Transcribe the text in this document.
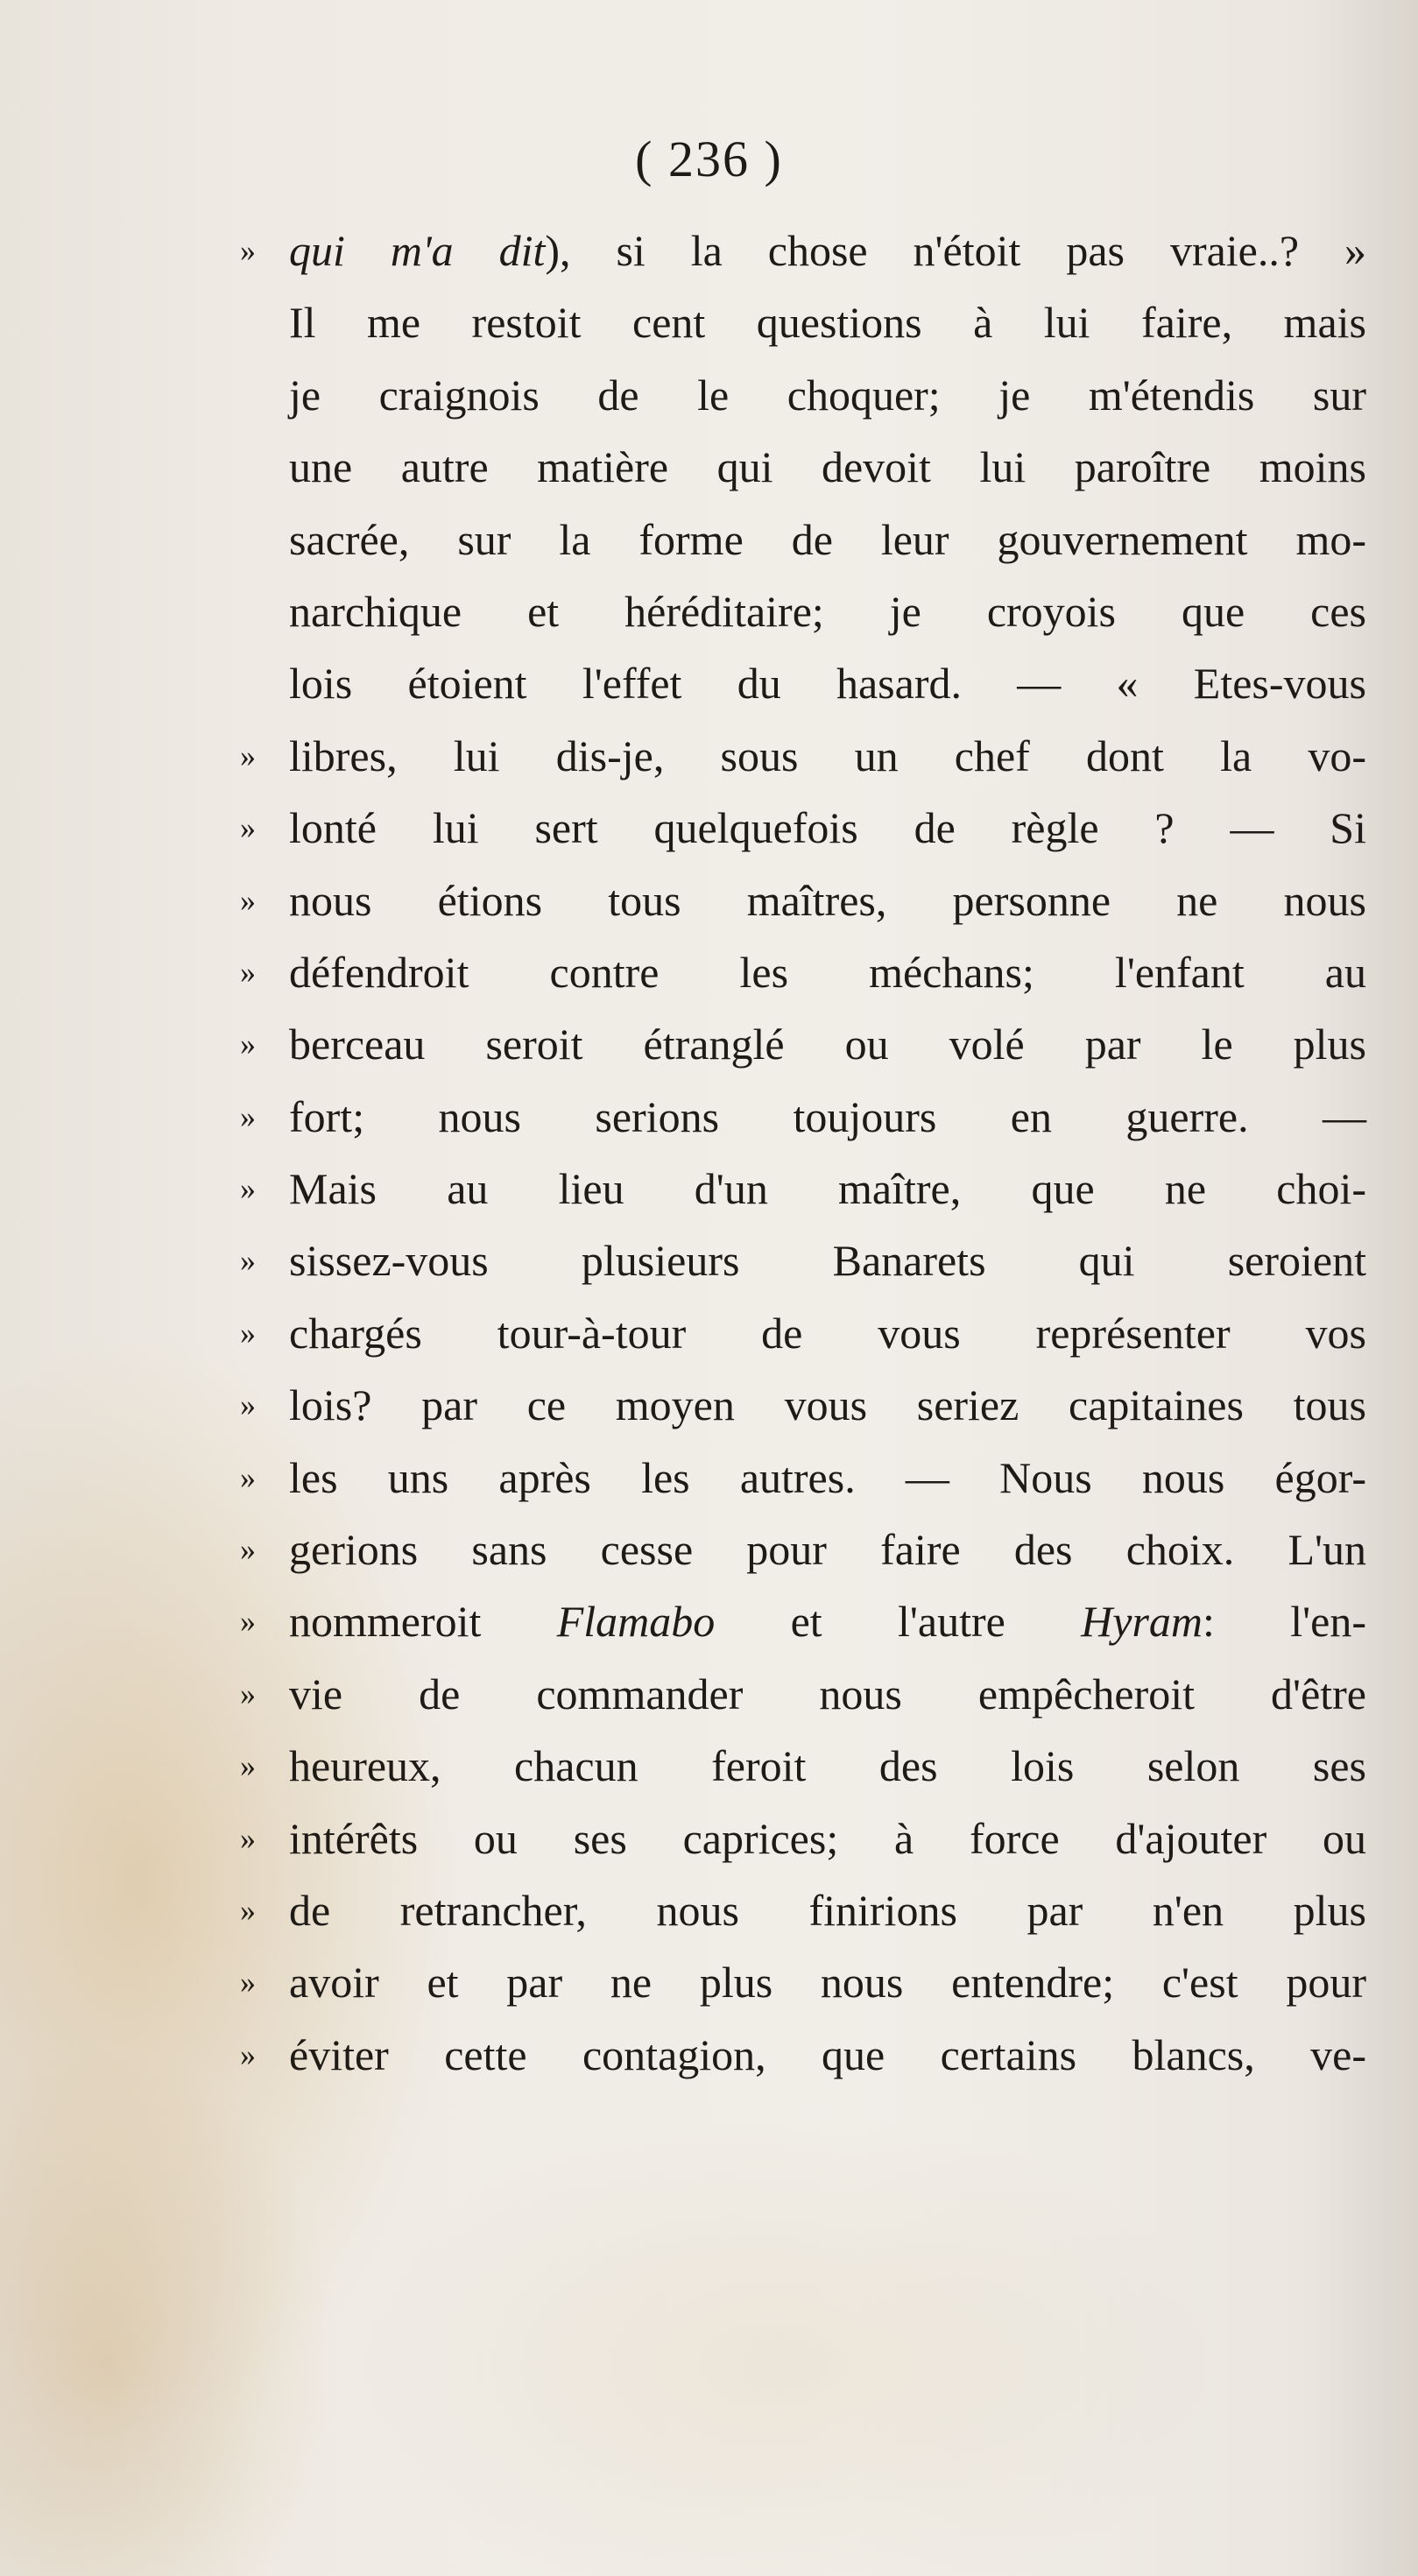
( 236 )
» qui m'a dit), si la chose n'étoit pas vraie..? »
Il me restoit cent questions à lui faire, mais
je craignois de le choquer; je m'étendis sur
une autre matière qui devoit lui paroître moins
sacrée, sur la forme de leur gouvernement mo-
narchique et héréditaire; je croyois que ces
lois étoient l'effet du hasard. — « Etes-vous
» libres, lui dis-je, sous un chef dont la vo-
» lonté lui sert quelquefois de règle ? — Si
» nous étions tous maîtres, personne ne nous
» défendroit contre les méchans; l'enfant au
» berceau seroit étranglé ou volé par le plus
» fort; nous serions toujours en guerre. —
» Mais au lieu d'un maître, que ne choi-
» sissez-vous plusieurs Banarets qui seroient
» chargés tour-à-tour de vous représenter vos
» lois? par ce moyen vous seriez capitaines tous
» les uns après les autres. — Nous nous égor-
» gerions sans cesse pour faire des choix. L'un
» nommeroit Flamabo et l'autre Hyram: l'en-
» vie de commander nous empêcheroit d'être
» heureux, chacun feroit des lois selon ses
» intérêts ou ses caprices; à force d'ajouter ou
» de retrancher, nous finirions par n'en plus
» avoir et par ne plus nous entendre; c'est pour
» éviter cette contagion, que certains blancs, ve-
